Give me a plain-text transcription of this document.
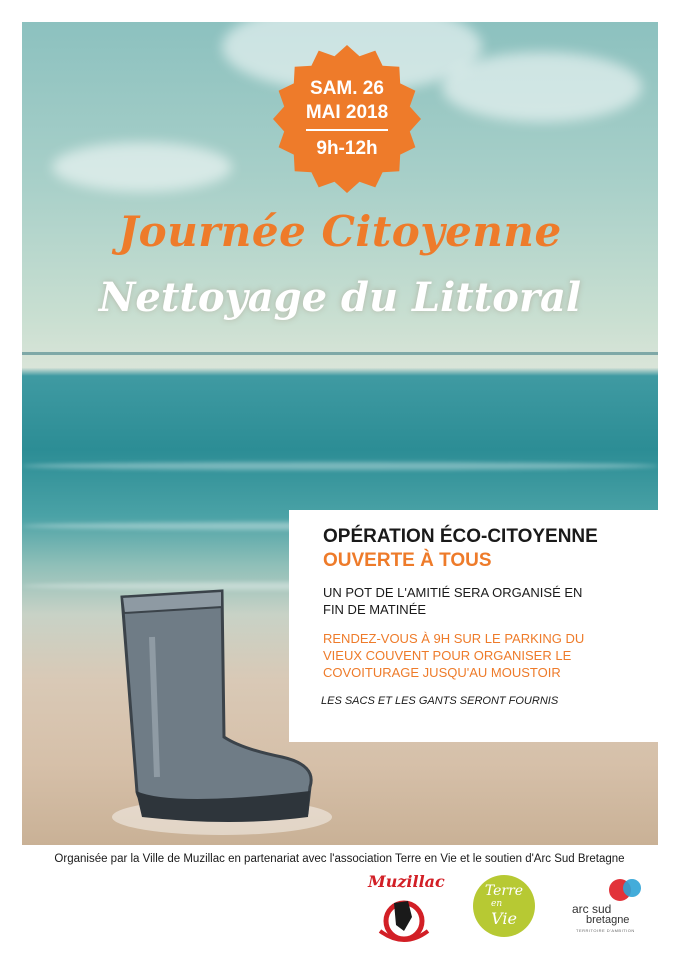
SAM. 26
MAI 2018
9h-12h
Journée Citoyenne
Nettoyage du Littoral
OPÉRATION ÉCO-CITOYENNE
OUVERTE À TOUS
UN POT DE L'AMITIÉ SERA ORGANISÉ EN FIN DE MATINÉE
RENDEZ-VOUS À 9H SUR LE PARKING DU VIEUX COUVENT POUR ORGANISER LE COVOITURAGE JUSQU'AU MOUSTOIR
LES SACS ET LES GANTS SERONT FOURNIS
Organisée par la Ville de Muzillac en partenariat avec l'association Terre en Vie et le soutien d'Arc Sud Bretagne
Muzillac	Terre
en
Vie	arc sud
bretagne
TERRITOIRE D'AMBITION
